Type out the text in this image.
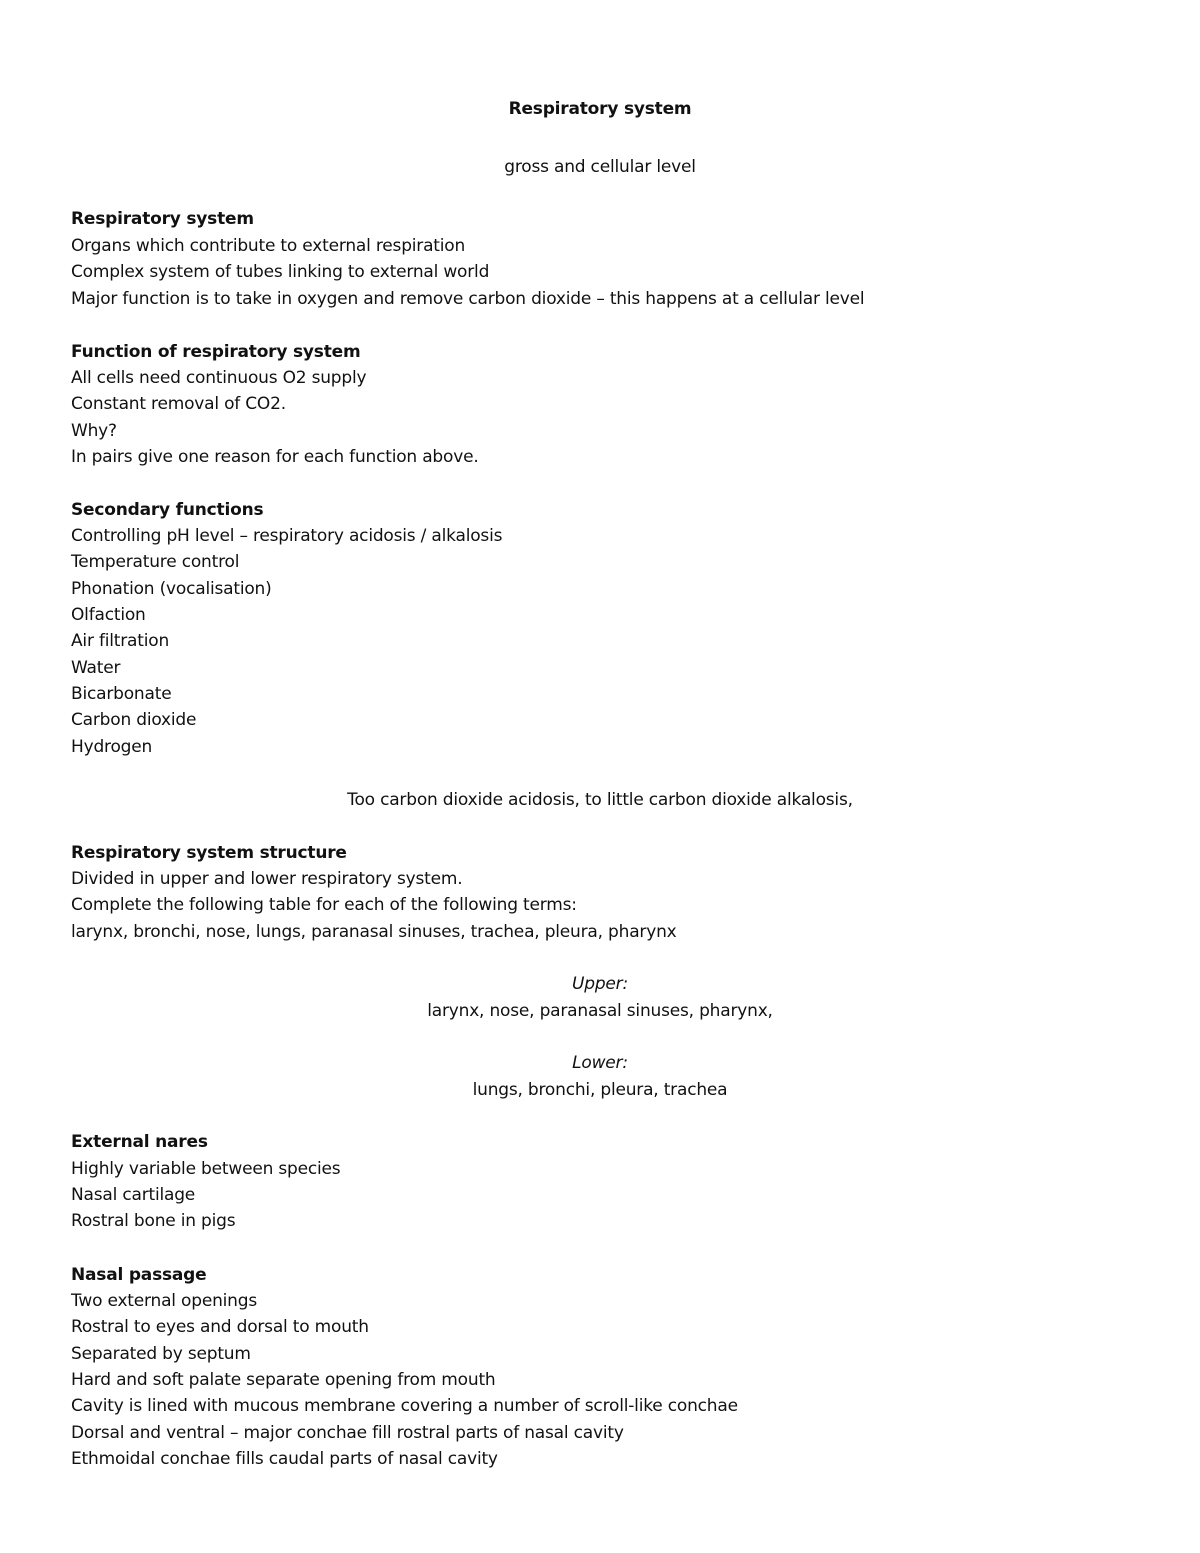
Respiratory system

gross and cellular level

Respiratory system

Organs which contribute to external respiration

Complex system of tubes linking to external world

Major function is to take in oxygen and remove carbon dioxide – this happens at a cellular level

Function of respiratory system

All cells need continuous O2 supply

Constant removal of CO2.

Why?

In pairs give one reason for each function above.

Secondary functions

Controlling pH level – respiratory acidosis / alkalosis

Temperature control

Phonation (vocalisation)

Olfaction

Air filtration

Water

Bicarbonate

Carbon dioxide

Hydrogen

Too carbon dioxide acidosis, to little carbon dioxide alkalosis,

Respiratory system structure

Divided in upper and lower respiratory system.

Complete the following table for each of the following terms:

larynx, bronchi, nose, lungs, paranasal sinuses, trachea, pleura, pharynx

Upper:

larynx, nose, paranasal sinuses, pharynx,

Lower:

lungs, bronchi, pleura, trachea

External nares

Highly variable between species

Nasal cartilage

Rostral bone in pigs

Nasal passage

Two external openings

Rostral to eyes and dorsal to mouth

Separated by septum

Hard and soft palate separate opening from mouth

Cavity is lined with mucous membrane covering a number of scroll-like conchae

Dorsal and ventral – major conchae fill rostral parts of nasal cavity

Ethmoidal conchae fills caudal parts of nasal cavity
